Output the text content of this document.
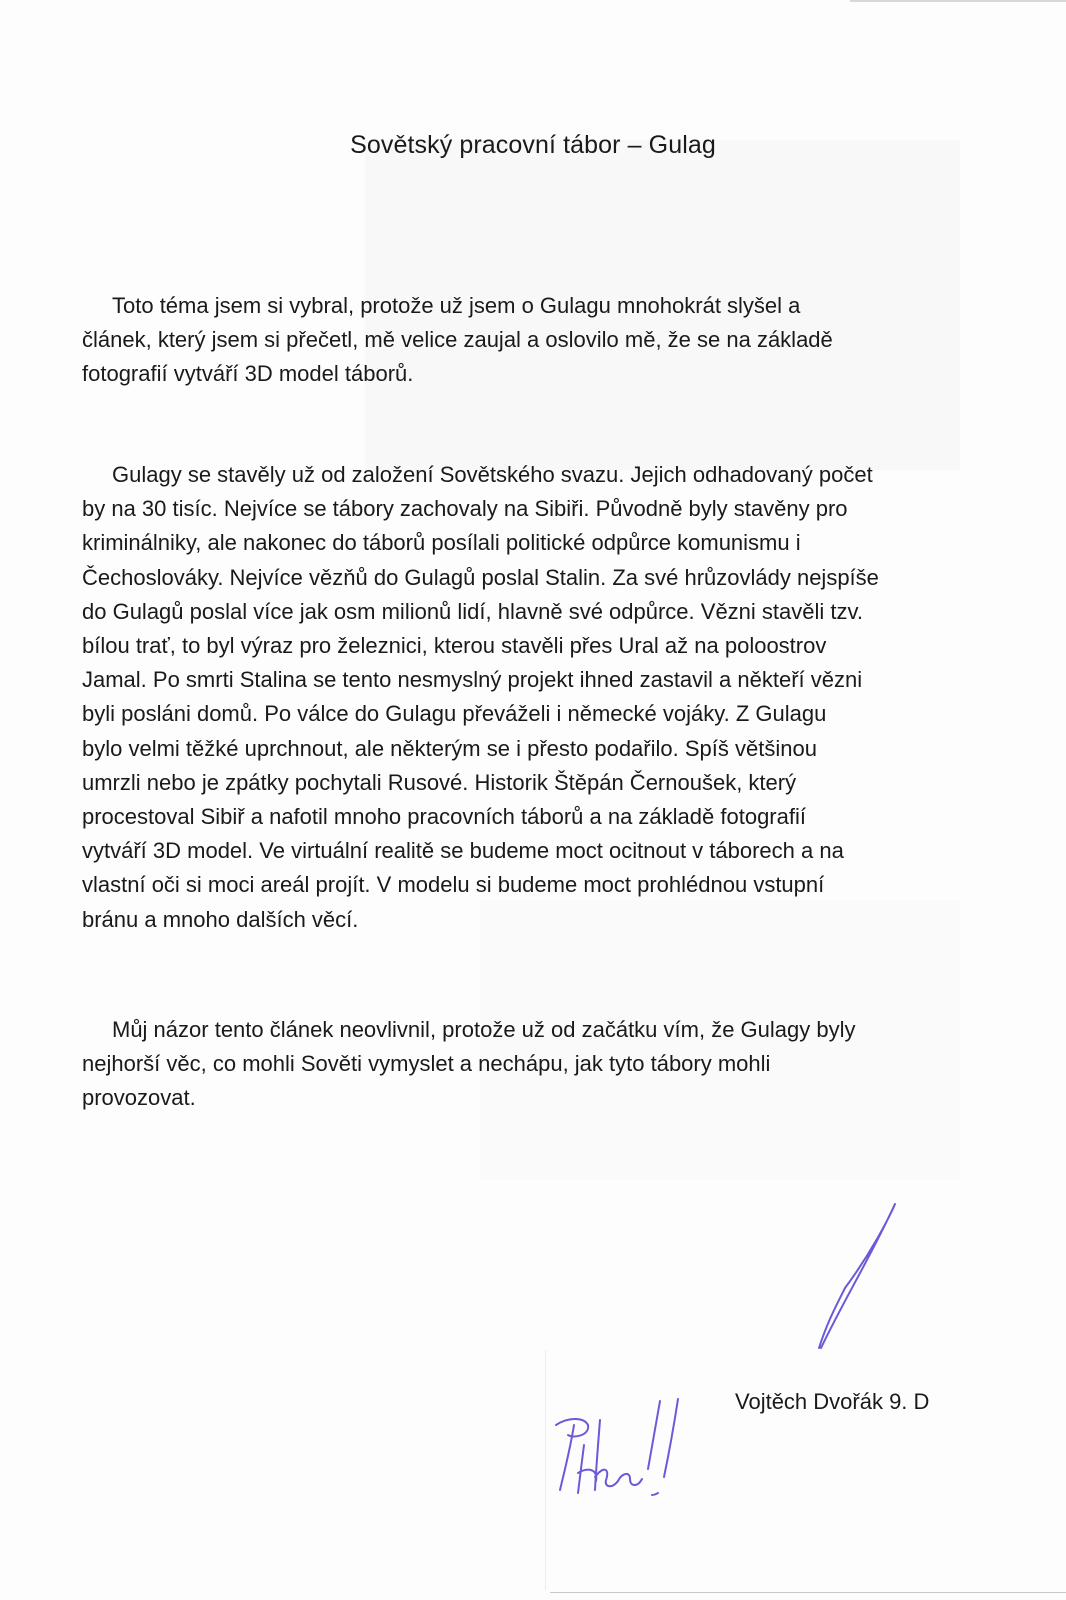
Sovětský pracovní tábor – Gulag
Toto téma jsem si vybral, protože už jsem o Gulagu mnohokrát slyšel a
článek, který jsem si přečetl, mě velice zaujal a oslovilo mě, že se na základě
fotografií vytváří 3D model táborů.
Gulagy se stavěly už od založení Sovětského svazu. Jejich odhadovaný počet
by na 30 tisíc. Nejvíce se tábory zachovaly na Sibiři. Původně byly stavěny pro
kriminálniky, ale nakonec do táborů posílali politické odpůrce komunismu i
Čechoslováky. Nejvíce vězňů do Gulagů poslal Stalin. Za své hrůzovlády nejspíše
do Gulagů poslal více jak osm milionů lidí, hlavně své odpůrce. Vězni stavěli tzv.
bílou trať, to byl výraz pro železnici, kterou stavěli přes Ural až na poloostrov
Jamal. Po smrti Stalina se tento nesmyslný projekt ihned zastavil a někteří vězni
byli posláni domů. Po válce do Gulagu převáželi i německé vojáky. Z Gulagu
bylo velmi těžké uprchnout, ale některým se i přesto podařilo. Spíš většinou
umrzli nebo je zpátky pochytali Rusové. Historik Štěpán Černoušek, který
procestoval Sibiř a nafotil mnoho pracovních táborů a na základě fotografií
vytváří 3D model. Ve virtuální realitě se budeme moct ocitnout v táborech a na
vlastní oči si moci areál projít. V modelu si budeme moct prohlédnou vstupní
bránu a mnoho dalších věcí.
Můj názor tento článek neovlivnil, protože už od začátku vím, že Gulagy byly
nejhorší věc, co mohli Sověti vymyslet a nechápu, jak tyto tábory mohli
provozovat.
Vojtěch Dvořák 9. D
